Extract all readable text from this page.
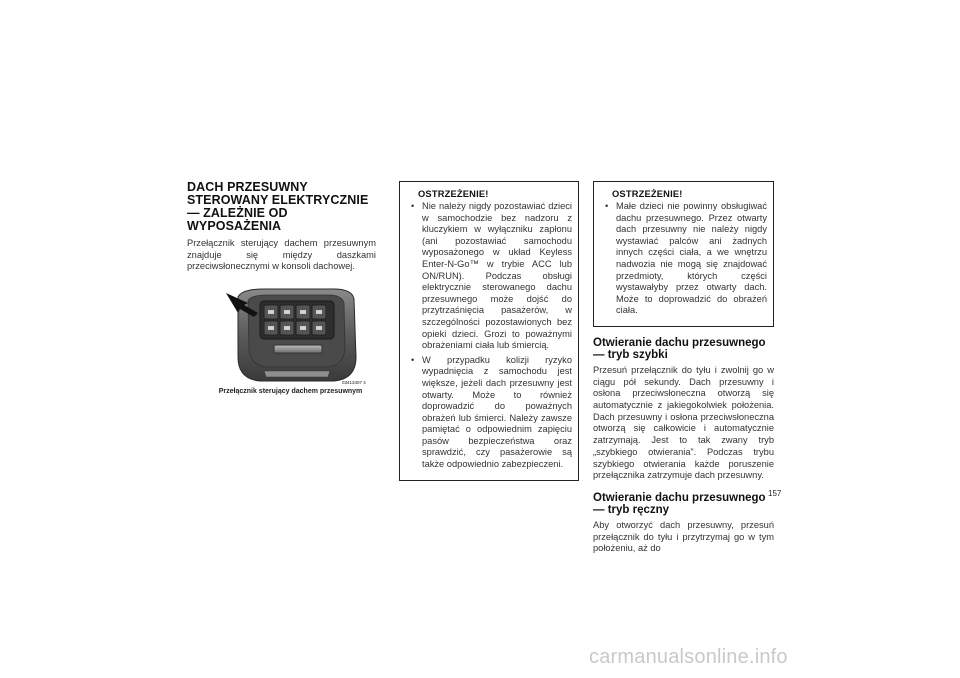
DACH PRZESUWNY STEROWANY ELEKTRYCZNIE — ZALEŻNIE OD WYPOSAŻENIA

Przełącznik sterujący dachem przesuwnym znajduje się między daszkami przeciwsłonecznymi w konsoli dachowej.

03413407 4
Przełącznik sterujący dachem przesuwnym
OSTRZEŻENIE!
• Nie należy nigdy pozostawiać dzieci w samochodzie bez nadzoru z kluczykiem w wyłączniku zapłonu (ani pozostawiać samochodu wyposażonego w układ Keyless Enter-N-Go™ w trybie ACC lub ON/RUN). Podczas obsługi elektrycznie sterowanego dachu przesuwnego może dojść do przytrzaśnięcia pasażerów, w szczególności pozostawionych bez opieki dzieci. Grozi to poważnymi obrażeniami ciała lub śmiercią.
• W przypadku kolizji ryzyko wypadnięcia z samochodu jest większe, jeżeli dach przesuwny jest otwarty. Może to również doprowadzić do poważnych obrażeń lub śmierci. Należy zawsze pamiętać o odpowiednim zapięciu pasów bezpieczeństwa oraz sprawdzić, czy pasażerowie są także odpowiednio zabezpieczeni.
OSTRZEŻENIE!
• Małe dzieci nie powinny obsługiwać dachu przesuwnego. Przez otwarty dach przesuwny nie należy nigdy wystawiać palców ani żadnych innych części ciała, a we wnętrzu nadwozia nie mogą się znajdować przedmioty, których części wystawałyby przez otwarty dach. Może to doprowadzić do obrażeń ciała.
Otwieranie dachu przesuwnego — tryb szybki

Przesuń przełącznik do tyłu i zwolnij go w ciągu pół sekundy. Dach przesuwny i osłona przeciwsłoneczna otworzą się automatycznie z jakiegokolwiek położenia. Dach przesuwny i osłona przeciwsłoneczna otworzą się całkowicie i automatycznie zatrzymają. Jest to tak zwany tryb „szybkiego otwierania”. Podczas trybu szybkiego otwierania każde poruszenie przełącznika zatrzymuje dach przesuwny.

Otwieranie dachu przesuwnego — tryb ręczny

Aby otworzyć dach przesuwny, przesuń przełącznik do tyłu i przytrzymaj go w tym położeniu, aż do

157
carmanualsonline.info
